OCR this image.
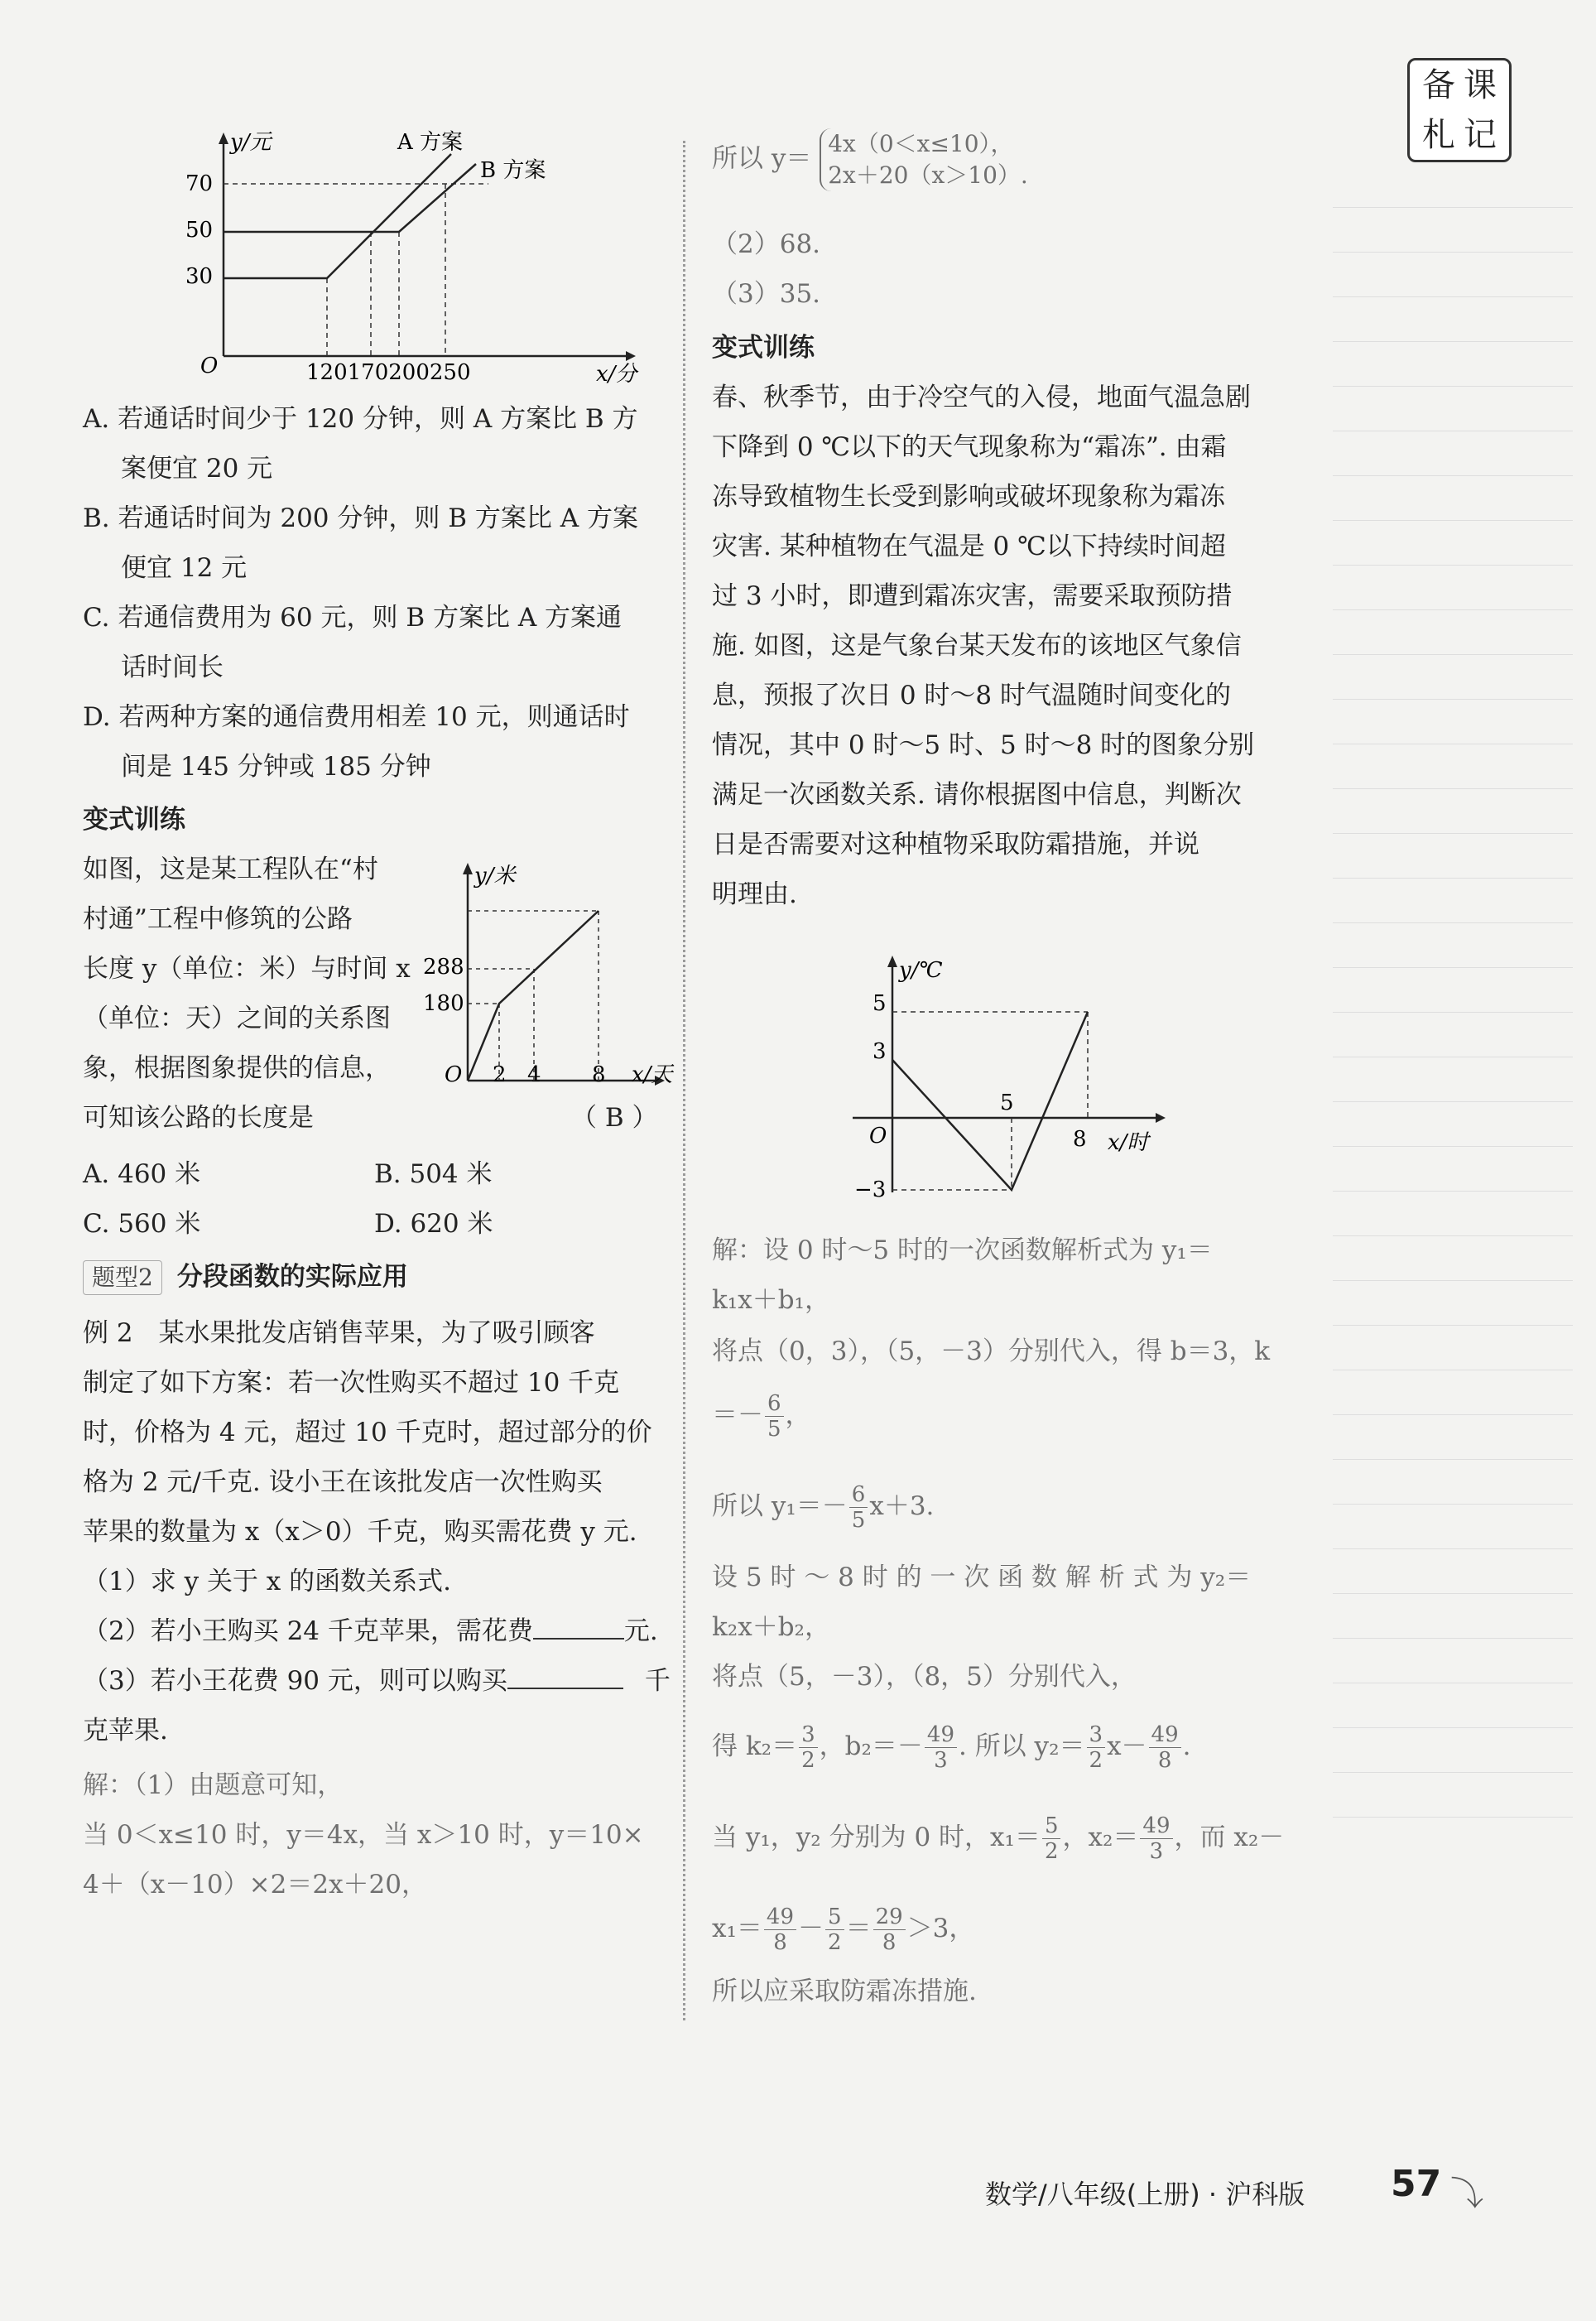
备 课
札 记
y/元
x/分
O
70
50
30
120170200250
A 方案
B 方案
A. 若通话时间少于 120 分钟，则 A 方案比 B 方
案便宜 20 元
B. 若通话时间为 200 分钟，则 B 方案比 A 方案
便宜 12 元
C. 若通信费用为 60 元，则 B 方案比 A 方案通
话时间长
D. 若两种方案的通信费用相差 10 元，则通话时
间是 145 分钟或 185 分钟
变式训练
如图，这是某工程队在“村
村通”工程中修筑的公路
长度 y（单位：米）与时间 x
（单位：天）之间的关系图
象，根据图象提供的信息，
可知该公路的长度是	（ B ）
y/米
x/天
O
288
180
2 4 8
A. 460 米	B. 504 米
C. 560 米	D. 620 米
题型2 分段函数的实际应用
例 2　某水果批发店销售苹果，为了吸引顾客
制定了如下方案：若一次性购买不超过 10 千克
时，价格为 4 元，超过 10 千克时，超过部分的价
格为 2 元/千克. 设小王在该批发店一次性购买
苹果的数量为 x（x＞0）千克，购买需花费 y 元.
（1）求 y 关于 x 的函数关系式.
（2）若小王购买 24 千克苹果，需花费	元.
（3）若小王花费 90 元，则可以购买	千
克苹果.
解：（1）由题意可知，
当 0＜x≤10 时，y＝4x，当 x＞10 时，y＝10×
4＋（x－10）×2＝2x＋20，
所以 y＝ 4x（0＜x≤10），
2x＋20（x＞10）.
（2）68.
（3）35.
变式训练
春、秋季节，由于冷空气的入侵，地面气温急剧
下降到 0 ℃以下的天气现象称为“霜冻”. 由霜
冻导致植物生长受到影响或破坏现象称为霜冻
灾害. 某种植物在气温是 0 ℃以下持续时间超
过 3 小时，即遭到霜冻灾害，需要采取预防措
施. 如图，这是气象台某天发布的该地区气象信
息，预报了次日 0 时～8 时气温随时间变化的
情况，其中 0 时～5 时、5 时～8 时的图象分别
满足一次函数关系. 请你根据图中信息，判断次
日是否需要对这种植物采取防霜措施，并说
明理由.
y/℃
x/时
O
5
3
−3
5
8
解：设 0 时～5 时的一次函数解析式为 y₁＝
k₁x＋b₁，
将点（0，3），（5，－3）分别代入，得 b＝3，k
＝－ $\frac{6}{5}$ ，
所以 $y_1=- \frac{6}{5} x+3$.
设 5 时 ～ 8 时 的 一 次 函 数 解 析 式 为 y₂＝
k₂x＋b₂，
将点（5，－3），（8，5）分别代入，
得 $k_2= \frac{3}{2}$ ，$b_2=- \frac{49}{3}$ . 所以 $y_2= \frac{3}{2} x- \frac{49}{8}$ .
当 y₁，y₂ 分别为 0 时，$x_1= \frac{5}{2}$ ，$x_2= \frac{49}{3}$ ，而 x₂－
$x_1= \frac{49}{8} - \frac{5}{2} = \frac{29}{8} >3$，
所以应采取防霜冻措施.
数学/八年级(上册) · 沪科版 57 ⤵
